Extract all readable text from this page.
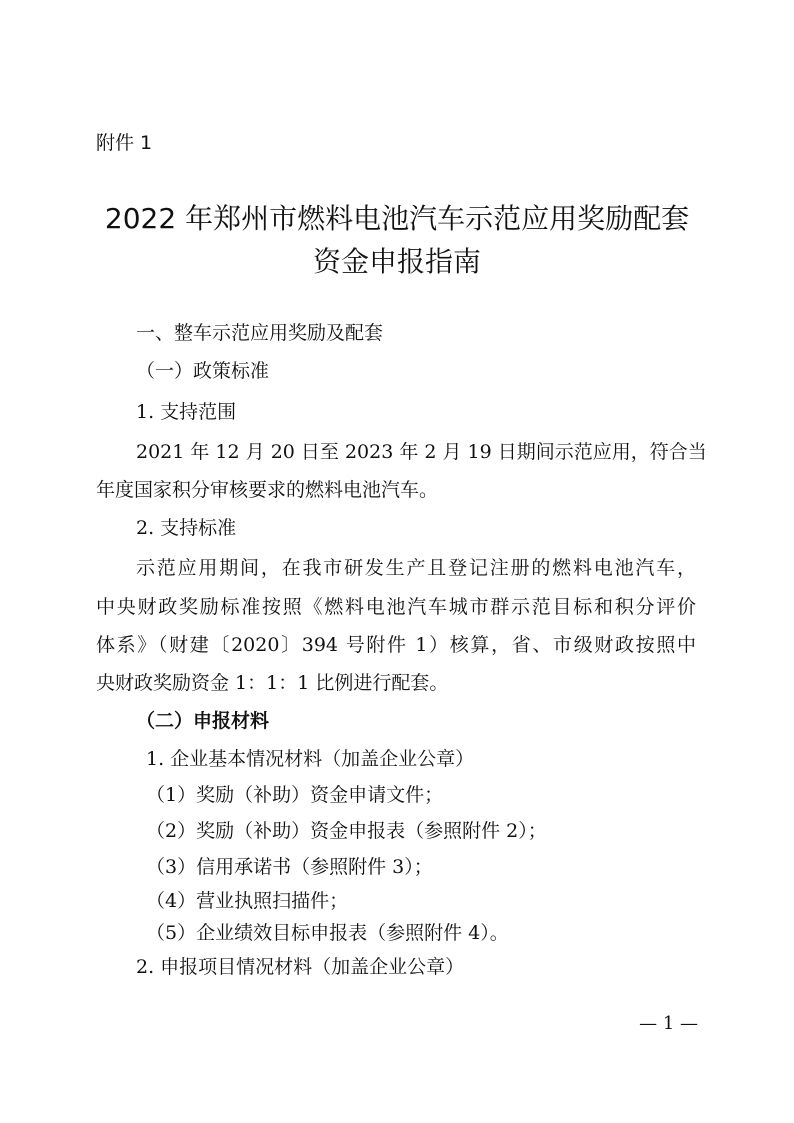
附件 1
2022 年郑州市燃料电池汽车示范应用奖励配套
资金申报指南
一、整车示范应用奖励及配套
（一）政策标准
1. 支持范围
2021 年 12 月 20 日至 2023 年 2 月 19 日期间示范应用，符合当
年度国家积分审核要求的燃料电池汽车。
2. 支持标准
示范应用期间，在我市研发生产且登记注册的燃料电池汽车，
中央财政奖励标准按照《燃料电池汽车城市群示范目标和积分评价
体系》（财建〔2020〕394 号附件 1）核算，省、市级财政按照中
央财政奖励资金 1：1：1 比例进行配套。
（二）申报材料
1. 企业基本情况材料（加盖企业公章）
（1）奖励（补助）资金申请文件；
（2）奖励（补助）资金申报表（参照附件 2）；
（3）信用承诺书（参照附件 3）；
（4）营业执照扫描件；
（5）企业绩效目标申报表（参照附件 4）。
2. 申报项目情况材料（加盖企业公章）
— 1 —
